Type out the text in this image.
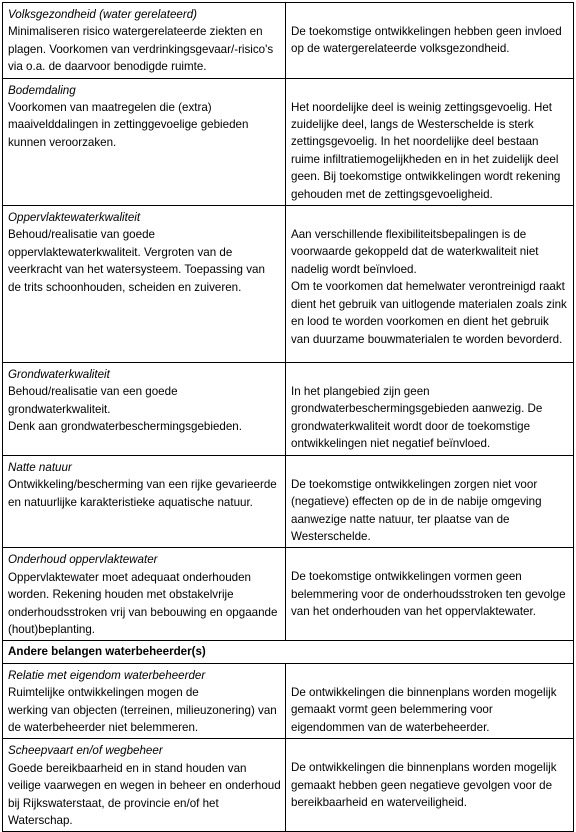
Volksgezondheid (water gerelateerd)
Minimaliseren risico watergerelateerde ziekten en plagen. Voorkomen van verdrinkingsgevaar/-risico's via o.a. de daarvoor benodigde ruimte.	De toekomstige ontwikkelingen hebben geen invloed op de watergerelateerde volksgezondheid.

Bodemdaling
Voorkomen van maatregelen die (extra) maaivelddalingen in zettinggevoelige gebieden kunnen veroorzaken.	Het noordelijke deel is weinig zettingsgevoelig. Het zuidelijke deel, langs de Westerschelde is sterk zettingsgevoelig. In het noordelijke deel bestaan ruime infiltratiemogelijkheden en in het zuidelijk deel geen. Bij toekomstige ontwikkelingen wordt rekening gehouden met de zettingsgevoeligheid.

Oppervlaktewaterkwaliteit
Behoud/realisatie van goede oppervlaktewaterkwaliteit. Vergroten van de veerkracht van het watersysteem. Toepassing van de trits schoonhouden, scheiden en zuiveren.	Aan verschillende flexibiliteitsbepalingen is de voorwaarde gekoppeld dat de waterkwaliteit niet nadelig wordt beïnvloed.
Om te voorkomen dat hemelwater verontreinigd raakt dient het gebruik van uitlogende materialen zoals zink en lood te worden voorkomen en dient het gebruik van duurzame bouwmaterialen te worden bevorderd.

Grondwaterkwaliteit
Behoud/realisatie van een goede grondwaterkwaliteit.
Denk aan grondwaterbeschermingsgebieden.	In het plangebied zijn geen grondwaterbeschermingsgebieden aanwezig. De grondwaterkwaliteit wordt door de toekomstige ontwikkelingen niet negatief beïnvloed.

Natte natuur
Ontwikkeling/bescherming van een rijke gevarieerde en natuurlijke karakteristieke aquatische natuur.	De toekomstige ontwikkelingen zorgen niet voor (negatieve) effecten op de in de nabije omgeving aanwezige natte natuur, ter plaatse van de Westerschelde.

Onderhoud oppervlaktewater
Oppervlaktewater moet adequaat onderhouden worden. Rekening houden met obstakelvrije onderhoudsstroken vrij van bebouwing en opgaande (hout)beplanting.	De toekomstige ontwikkelingen vormen geen belemmering voor de onderhoudsstroken ten gevolge van het onderhouden van het oppervlaktewater.

Andere belangen waterbeheerder(s)	

Relatie met eigendom waterbeheerder
Ruimtelijke ontwikkelingen mogen de
werking van objecten (terreinen, milieuzonering) van de waterbeheerder niet belemmeren.	De ontwikkelingen die binnenplans worden mogelijk gemaakt vormt geen belemmering voor eigendommen van de waterbeheerder.

Scheepvaart en/of wegbeheer
Goede bereikbaarheid en in stand houden van veilige vaarwegen en wegen in beheer en onderhoud bij Rijkswaterstaat, de provincie en/of het Waterschap.	De ontwikkelingen die binnenplans worden mogelijk gemaakt hebben geen negatieve gevolgen voor de bereikbaarheid en waterveiligheid.
